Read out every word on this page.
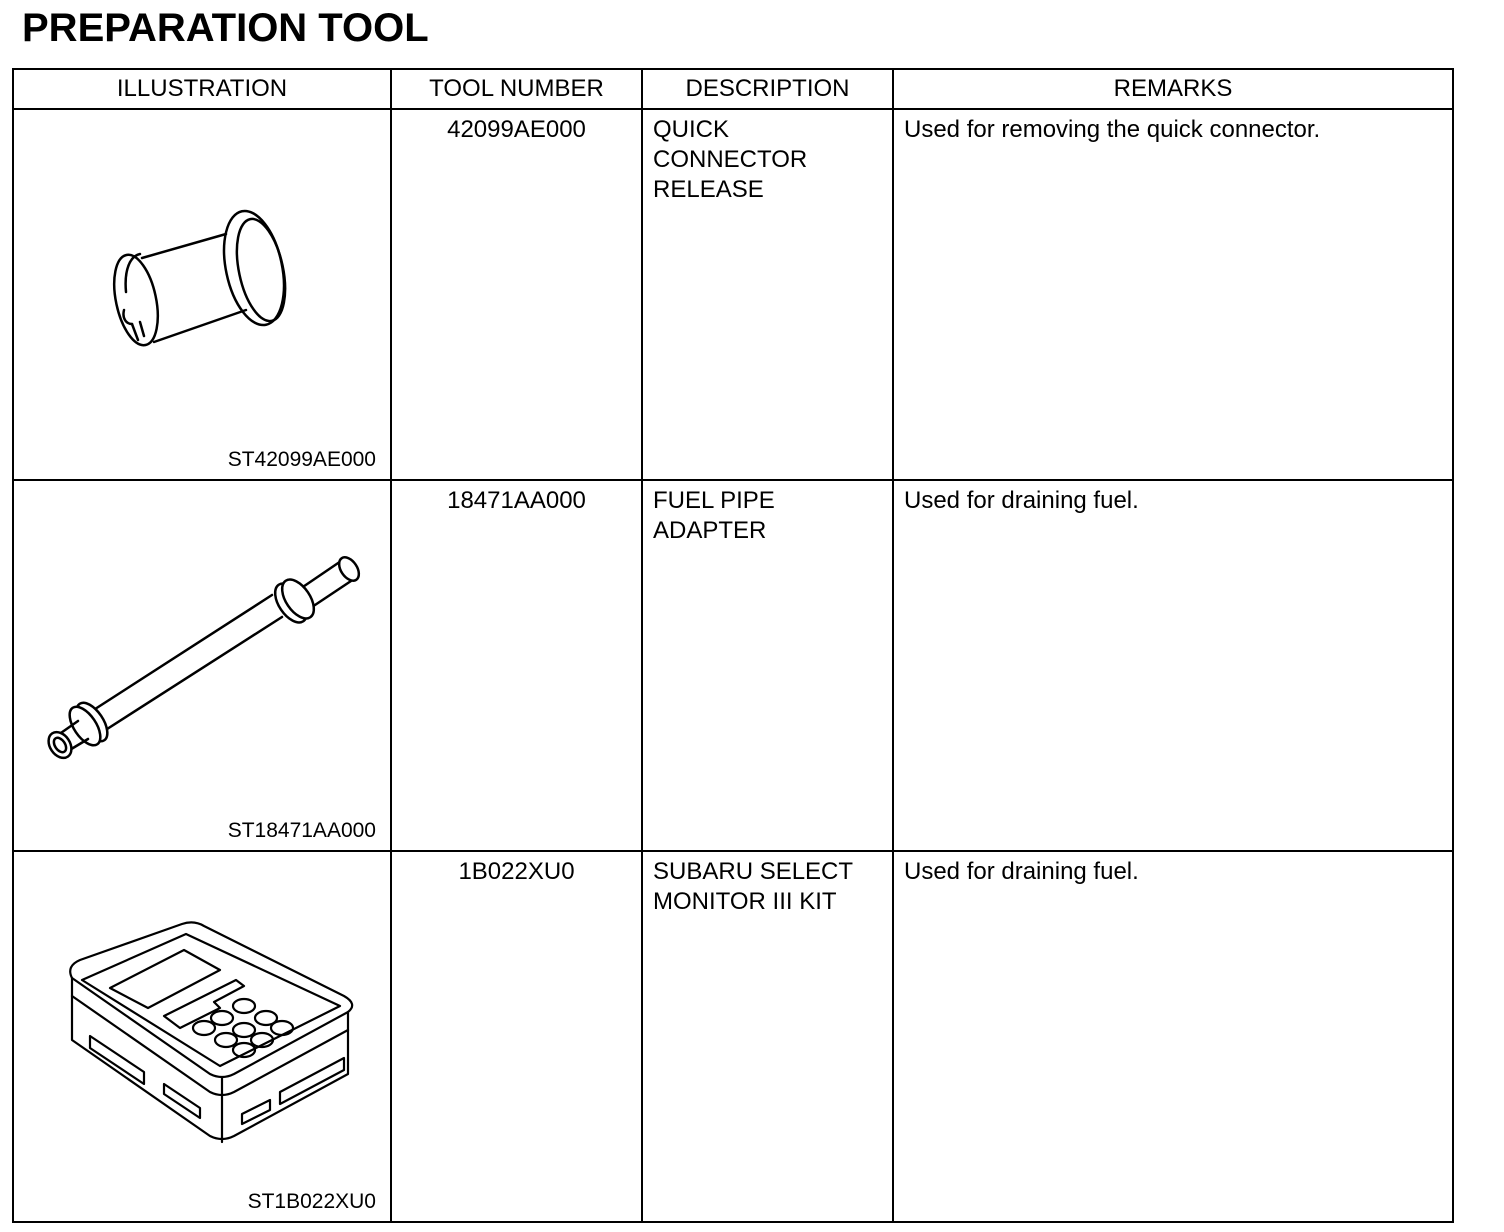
PREPARATION TOOL
ILLUSTRATION	TOOL NUMBER	DESCRIPTION	REMARKS

ST42099AE000	42099AE000	QUICK
CONNECTOR
RELEASE	Used for removing the quick connector.

ST18471AA000	18471AA000	FUEL PIPE
ADAPTER	Used for draining fuel.

ST1B022XU0	1B022XU0	SUBARU SELECT
MONITOR III KIT	Used for draining fuel.
